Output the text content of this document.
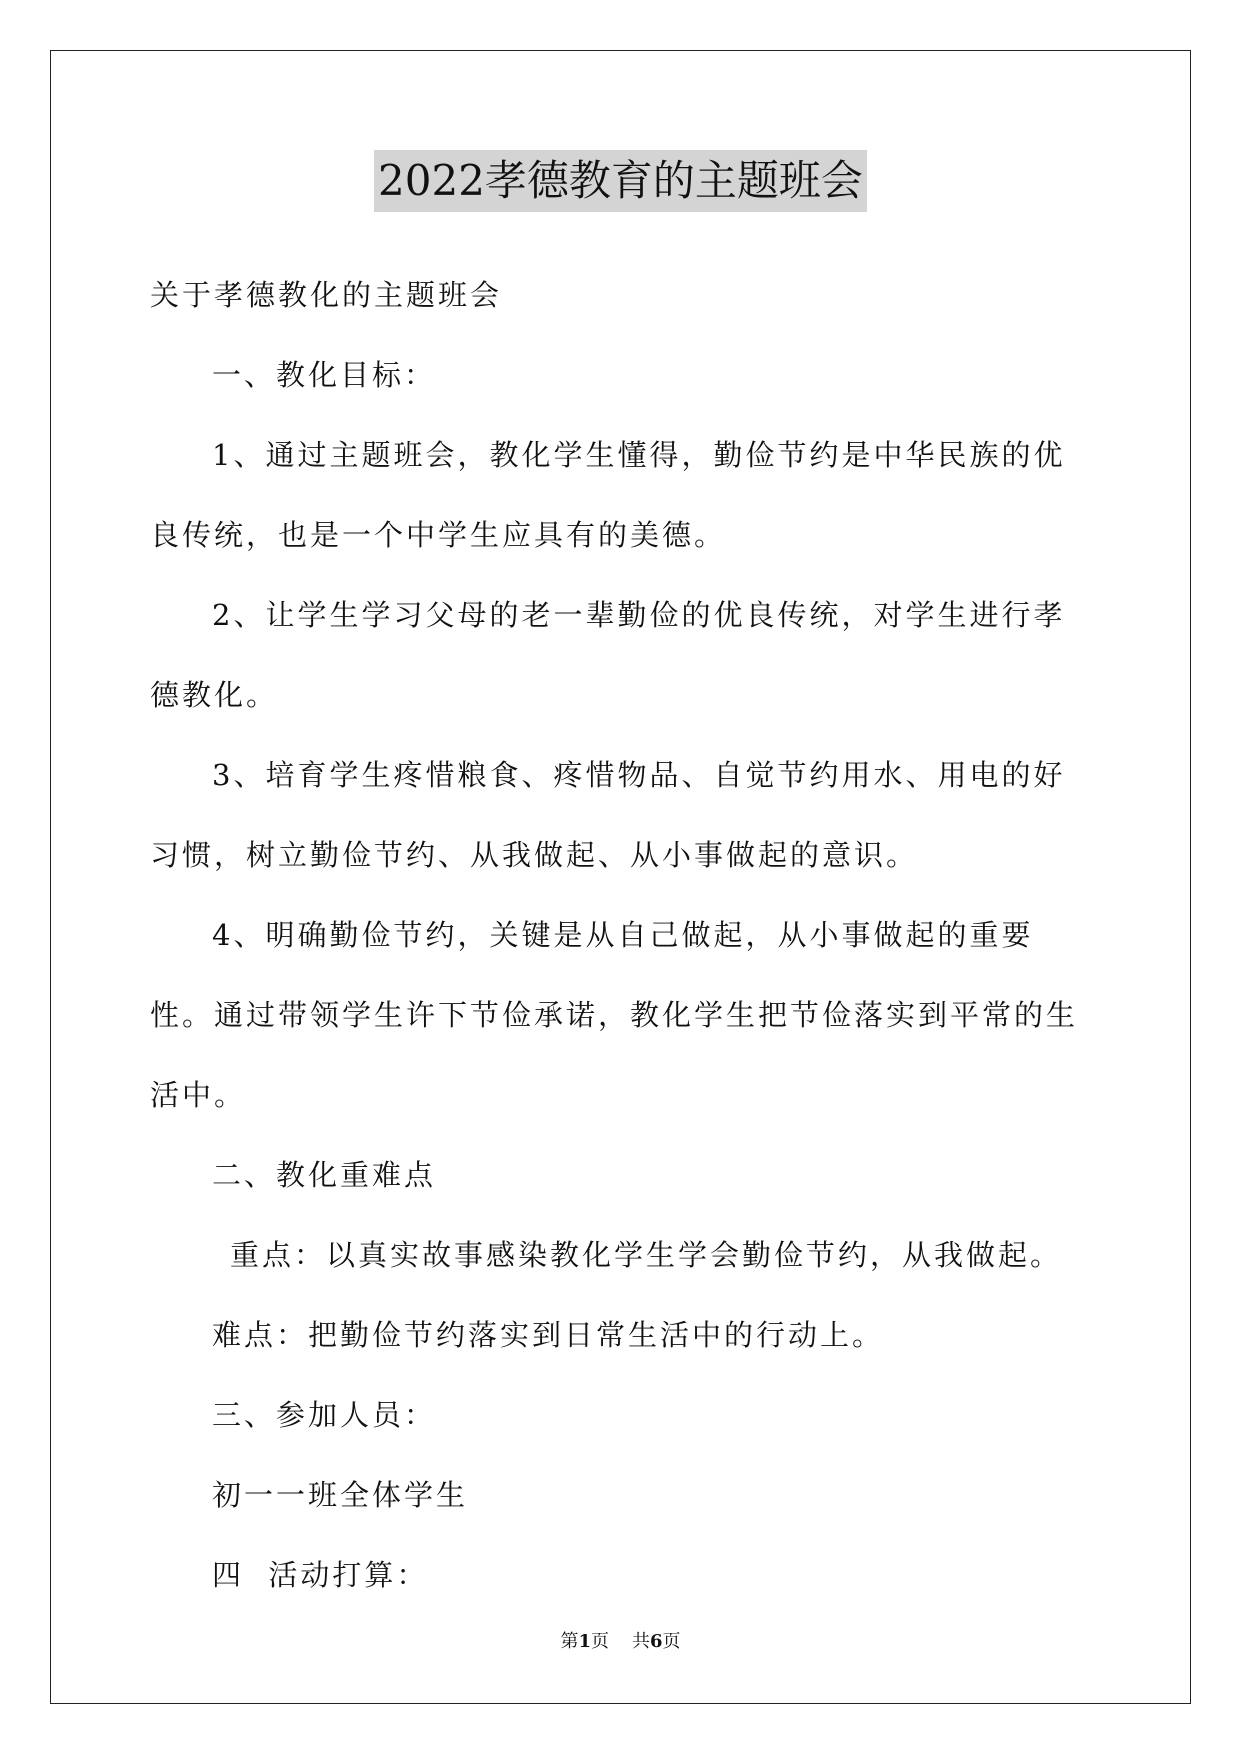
2022孝德教育的主题班会

关于孝德教化的主题班会

一、教化目标：

1、通过主题班会，教化学生懂得，勤俭节约是中华民族的优良传统，也是一个中学生应具有的美德。

2、让学生学习父母的老一辈勤俭的优良传统，对学生进行孝德教化。

3、培育学生疼惜粮食、疼惜物品、自觉节约用水、用电的好习惯，树立勤俭节约、从我做起、从小事做起的意识。

4、明确勤俭节约，关键是从自己做起，从小事做起的重要性。通过带领学生许下节俭承诺，教化学生把节俭落实到平常的生活中。

二、教化重难点

重点：以真实故事感染教化学生学会勤俭节约，从我做起。

难点：把勤俭节约落实到日常生活中的行动上。

三、参加人员：

初一一班全体学生

四  活动打算：

第1页 共6页
